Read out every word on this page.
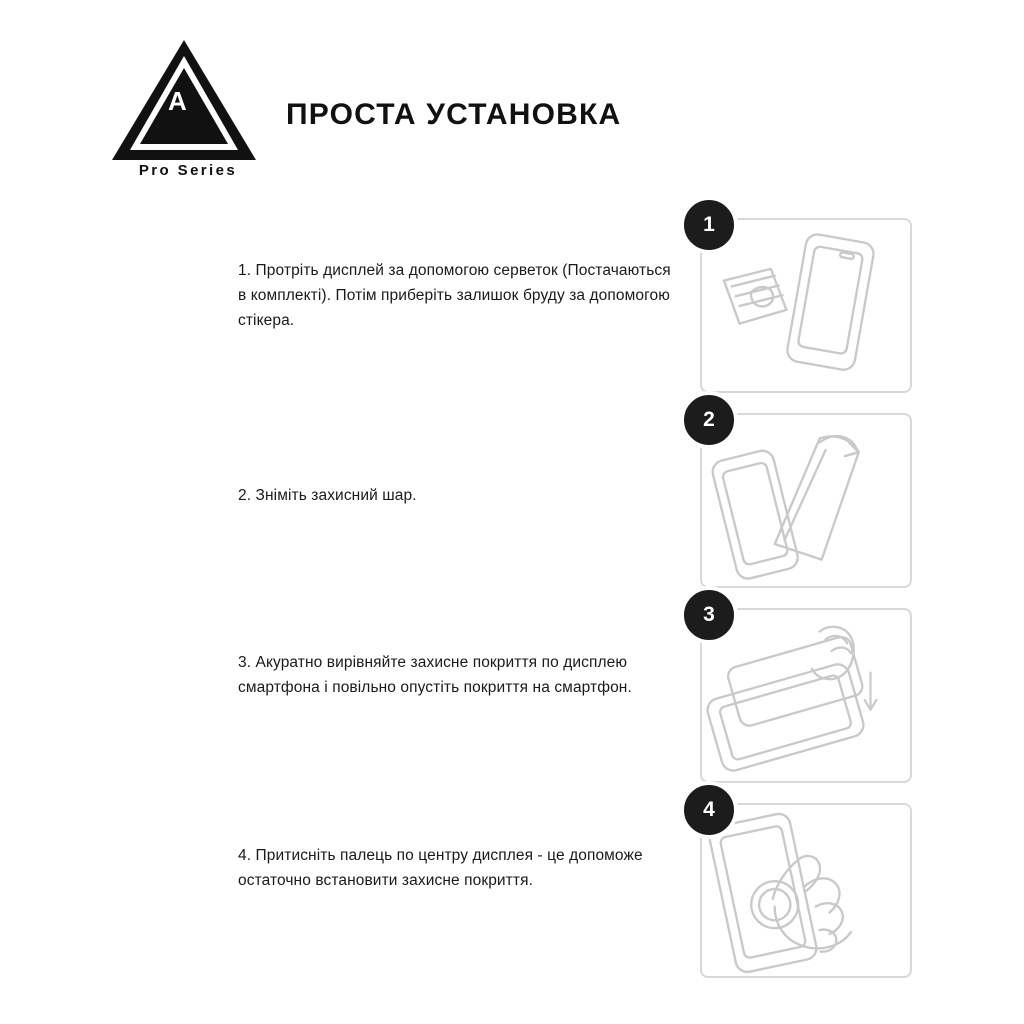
A
RM
Pro Series
ПРОСТА УСТАНОВКА
1. Протріть дисплей за допомогою серветок (Постачаються в комплекті). Потім приберіть залишок бруду за допомогою стікера.
1
2. Зніміть захисний шар.
2
3. Акуратно вирівняйте захисне покриття по дисплею смартфона і повільно опустіть покриття на смартфон.
3
4. Притисніть палець по центру дисплея - це допоможе остаточно встановити захисне покриття.
4
